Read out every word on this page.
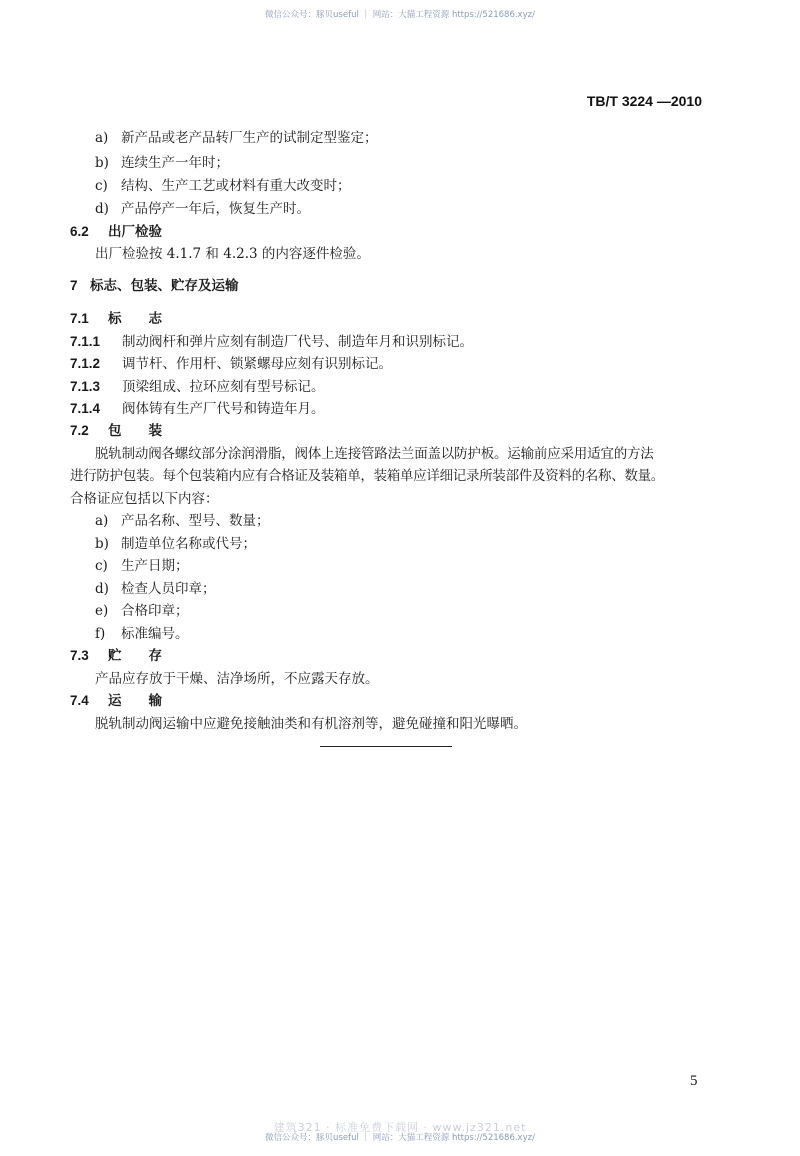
微信公众号：豚贝useful ｜ 网站：大猫工程资源 https://521686.xyz/
TB/T 3224 —2010
a) 新产品或老产品转厂生产的试制定型鉴定；
b) 连续生产一年时；
c) 结构、生产工艺或材料有重大改变时；
d) 产品停产一年后，恢复生产时。
6.2 出厂检验
出厂检验按 4.1.7 和 4.2.3 的内容逐件检验。
7 标志、包装、贮存及运输
7.1 标　　志
7.1.1 制动阀杆和弹片应刻有制造厂代号、制造年月和识别标记。
7.1.2 调节杆、作用杆、锁紧螺母应刻有识别标记。
7.1.3 顶梁组成、拉环应刻有型号标记。
7.1.4 阀体铸有生产厂代号和铸造年月。
7.2 包　　装
脱轨制动阀各螺纹部分涂润滑脂，阀体上连接管路法兰面盖以防护板。运输前应采用适宜的方法
进行防护包装。每个包装箱内应有合格证及装箱单，装箱单应详细记录所装部件及资料的名称、数量。
合格证应包括以下内容：
a) 产品名称、型号、数量；
b) 制造单位名称或代号；
c) 生产日期；
d) 检查人员印章；
e) 合格印章；
f) 标准编号。
7.3 贮　　存
产品应存放于干燥、洁净场所，不应露天存放。
7.4 运　　输
脱轨制动阀运输中应避免接触油类和有机溶剂等，避免碰撞和阳光曝晒。
5
建筑321 · 标准免费下载网 · www.jz321.net
微信公众号：豚贝useful ｜ 网站：大猫工程资源 https://521686.xyz/
